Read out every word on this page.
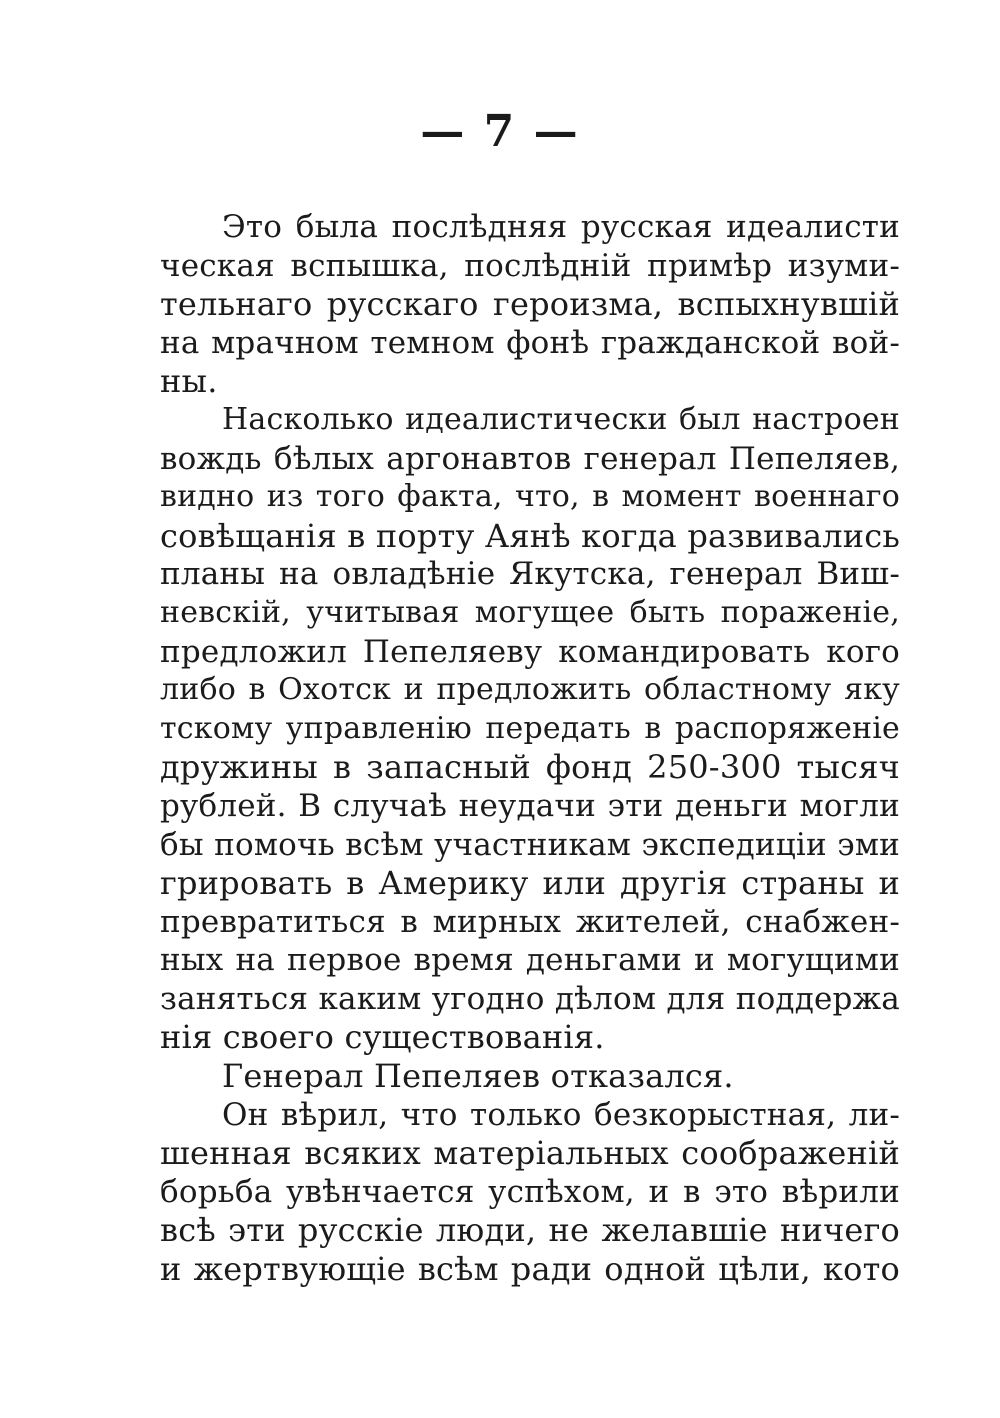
— 7 —
Это была послѣдняя русская идеалисти
ческая вспышка, послѣдній примѣр изуми-
тельнаго русскаго героизма, вспыхнувшій
на мрачном темном фонѣ гражданской вой-
ны.
Насколько идеалистически был настроен
вождь бѣлых аргонавтов генерал Пепеляев,
видно из того факта, что, в момент военнаго
совѣщанія в порту Аянѣ когда развивались
планы на овладѣніе Якутска, генерал Виш-
невскій, учитывая могущее быть пораженіе,
предложил Пепеляеву командировать кого
либо в Охотск и предложить областному яку
тскому управленію передать в распоряженіе
дружины в запасный фонд 250-300 тысяч
рублей. В случаѣ неудачи эти деньги могли
бы помочь всѣм участникам экспедиціи эми
грировать в Америку или другія страны и
превратиться в мирных жителей, снабжен-
ных на первое время деньгами и могущими
заняться каким угодно дѣлом для поддержа
нія своего существованія.
Генерал Пепеляев отказался.
Он вѣрил, что только безкорыстная, ли-
шенная всяких матеріальных соображеній
борьба увѣнчается успѣхом, и в это вѣрили
всѣ эти русскіе люди, не желавшіе ничего
и жертвующіе всѣм ради одной цѣли, кото
